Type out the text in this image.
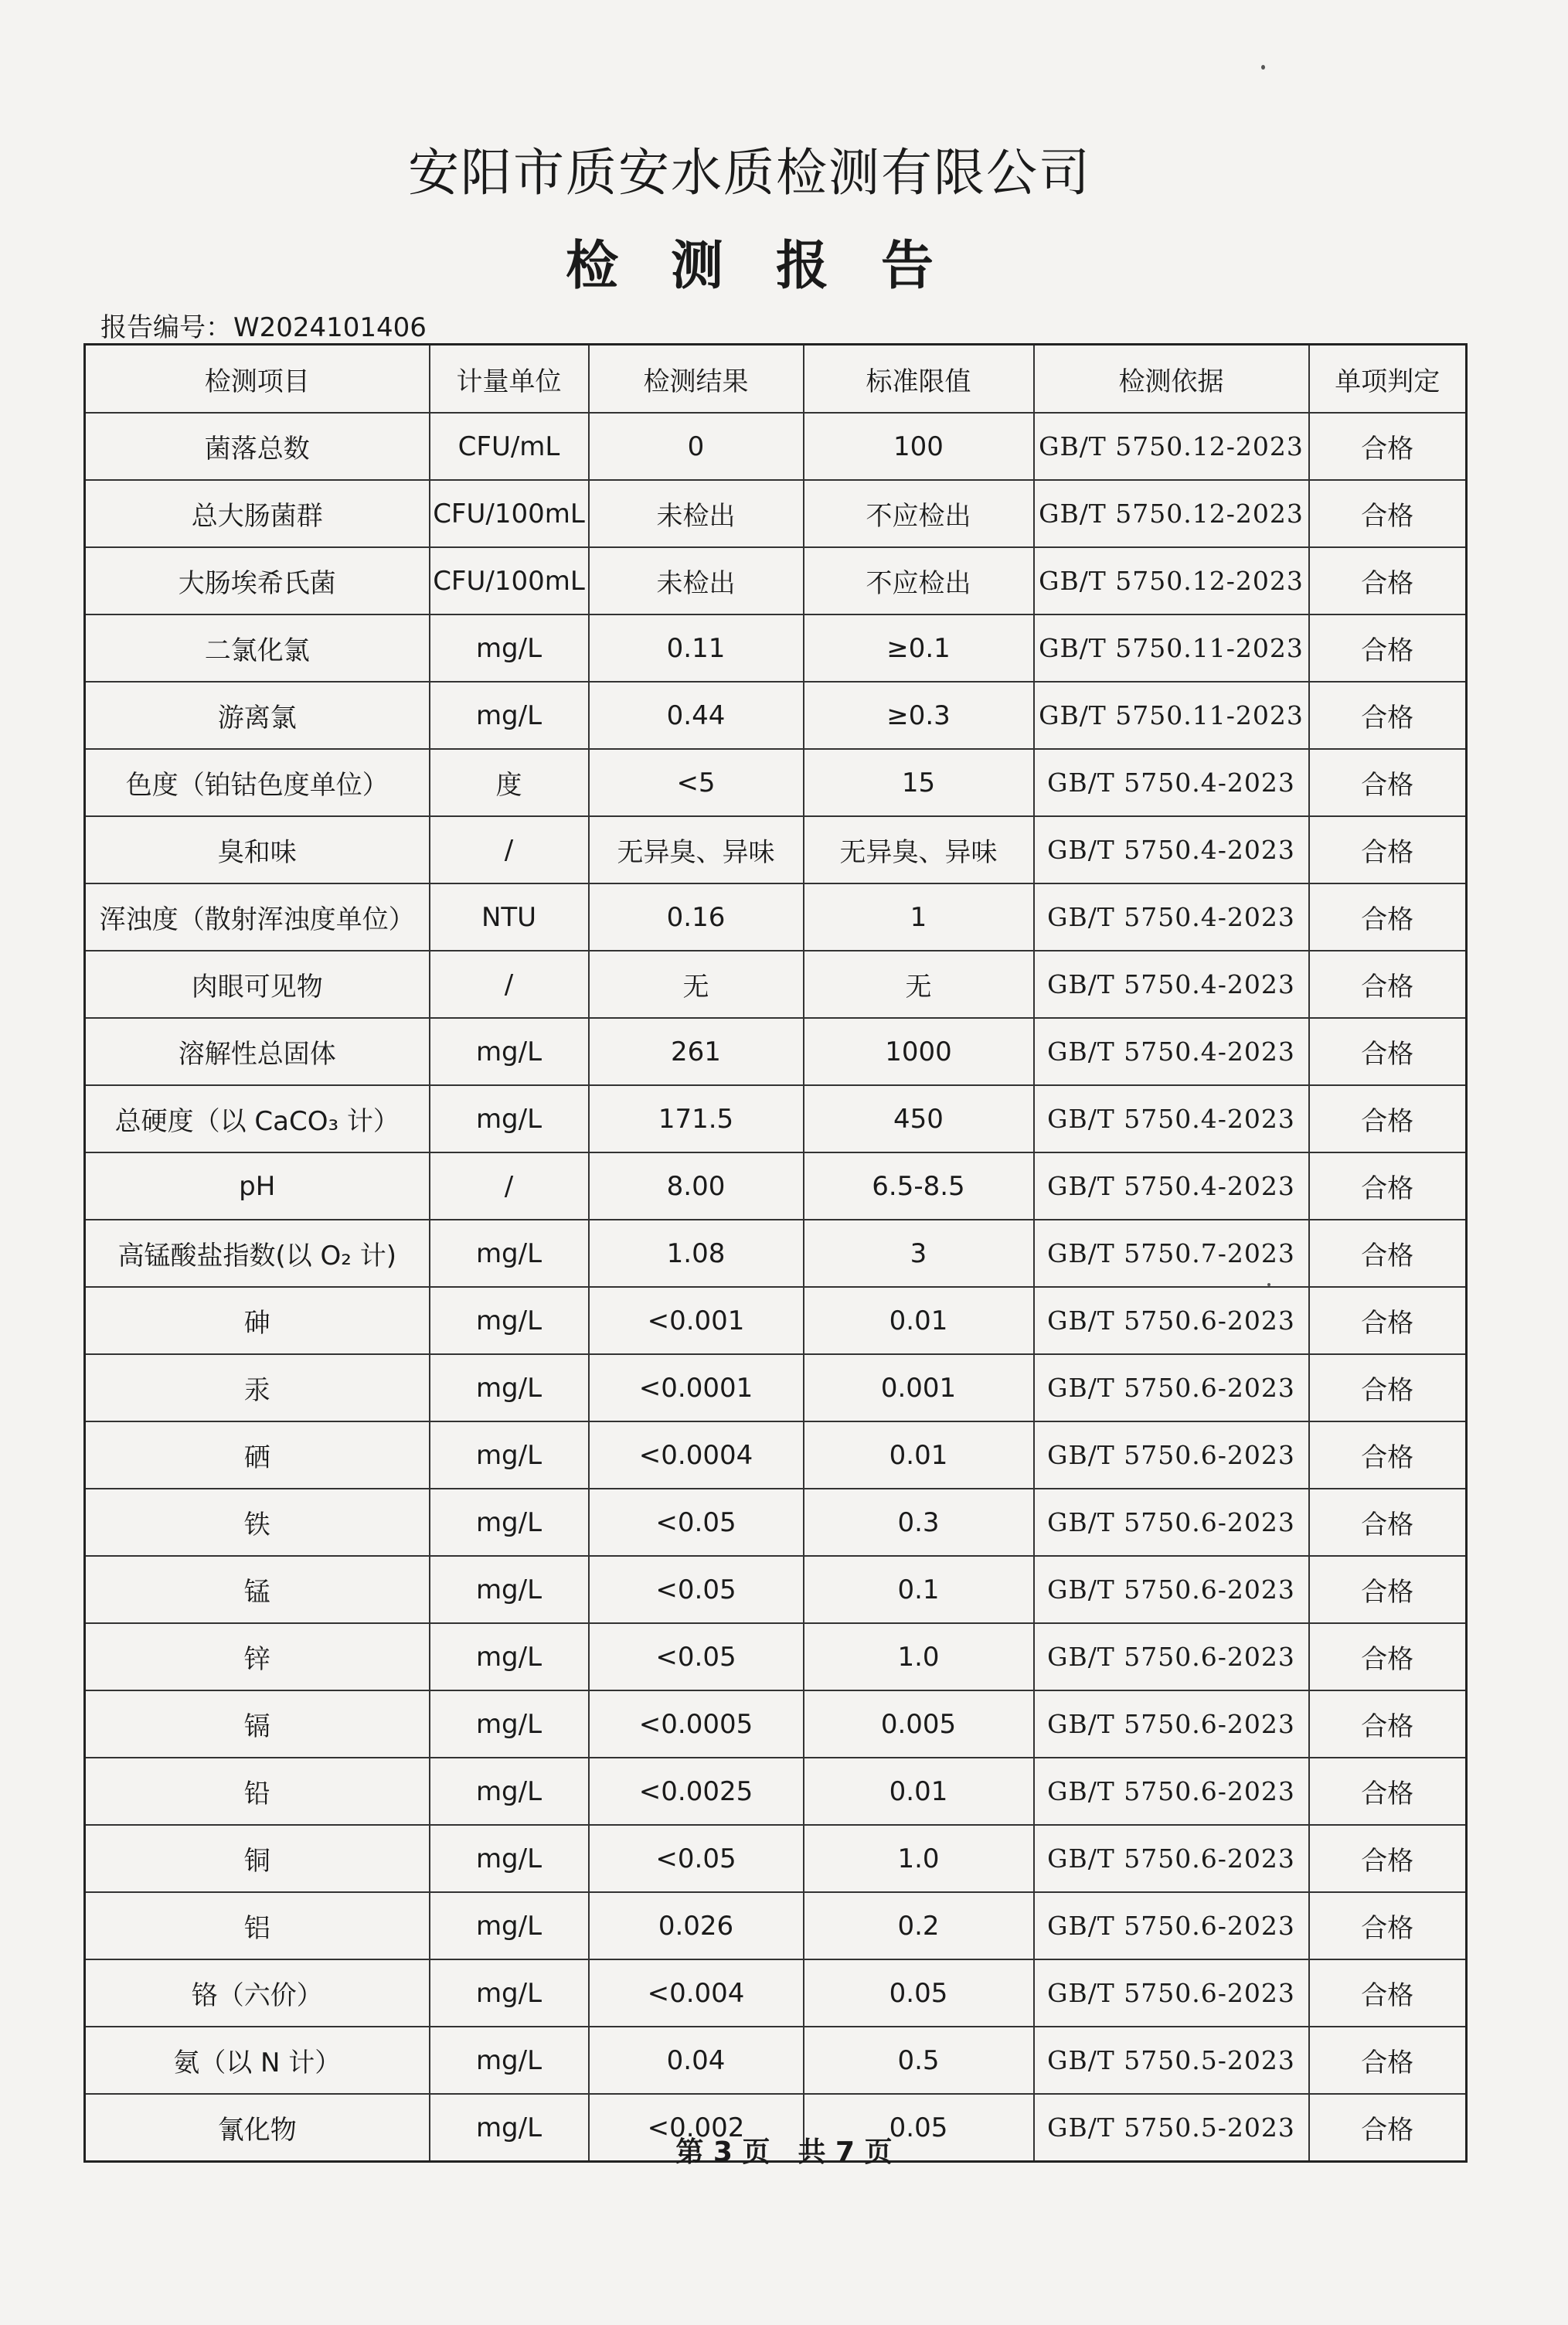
安阳市质安水质检测有限公司
检测报告
报告编号：W2024101406
检测项目	计量单位	检测结果	标准限值	检测依据	单项判定
菌落总数	CFU/mL	0	100	GB/T 5750.12-2023	合格
总大肠菌群	CFU/100mL	未检出	不应检出	GB/T 5750.12-2023	合格
大肠埃希氏菌	CFU/100mL	未检出	不应检出	GB/T 5750.12-2023	合格
二氯化氯	mg/L	0.11	≥0.1	GB/T 5750.11-2023	合格
游离氯	mg/L	0.44	≥0.3	GB/T 5750.11-2023	合格
色度（铂钴色度单位）	度	<5	15	GB/T 5750.4-2023	合格
臭和味	/	无异臭、异味	无异臭、异味	GB/T 5750.4-2023	合格
浑浊度（散射浑浊度单位）	NTU	0.16	1	GB/T 5750.4-2023	合格
肉眼可见物	/	无	无	GB/T 5750.4-2023	合格
溶解性总固体	mg/L	261	1000	GB/T 5750.4-2023	合格
总硬度（以 CaCO₃ 计）	mg/L	171.5	450	GB/T 5750.4-2023	合格
pH	/	8.00	6.5-8.5	GB/T 5750.4-2023	合格
高锰酸盐指数(以 O₂ 计)	mg/L	1.08	3	GB/T 5750.7-2023	合格
砷	mg/L	<0.001	0.01	GB/T 5750.6-2023	合格
汞	mg/L	<0.0001	0.001	GB/T 5750.6-2023	合格
硒	mg/L	<0.0004	0.01	GB/T 5750.6-2023	合格
铁	mg/L	<0.05	0.3	GB/T 5750.6-2023	合格
锰	mg/L	<0.05	0.1	GB/T 5750.6-2023	合格
锌	mg/L	<0.05	1.0	GB/T 5750.6-2023	合格
镉	mg/L	<0.0005	0.005	GB/T 5750.6-2023	合格
铅	mg/L	<0.0025	0.01	GB/T 5750.6-2023	合格
铜	mg/L	<0.05	1.0	GB/T 5750.6-2023	合格
铝	mg/L	0.026	0.2	GB/T 5750.6-2023	合格
铬（六价）	mg/L	<0.004	0.05	GB/T 5750.6-2023	合格
氨（以 N 计）	mg/L	0.04	0.5	GB/T 5750.5-2023	合格
氰化物	mg/L	<0.002	0.05	GB/T 5750.5-2023	合格
第 3 页 共 7 页
